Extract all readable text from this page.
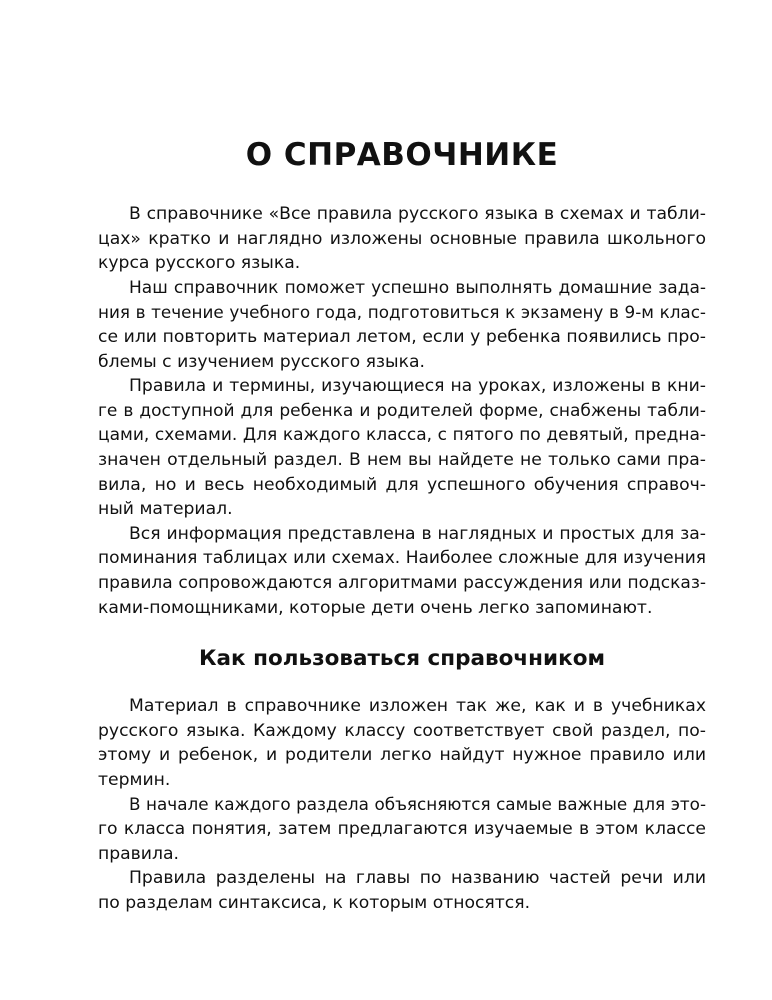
О СПРАВОЧНИКЕ
В справочнике «Все правила русского языка в схемах и табли-
цах» кратко и наглядно изложены основные правила школьного
курса русского языка.
Наш справочник поможет успешно выполнять домашние зада-
ния в течение учебного года, подготовиться к экзамену в 9-м клас-
се или повторить материал летом, если у ребенка появились про-
блемы с изучением русского языка.
Правила и термины, изучающиеся на уроках, изложены в кни-
ге в доступной для ребенка и родителей форме, снабжены табли-
цами, схемами. Для каждого класса, с пятого по девятый, предна-
значен отдельный раздел. В нем вы найдете не только сами пра-
вила, но и весь необходимый для успешного обучения справоч-
ный материал.
Вся информация представлена в наглядных и простых для за-
поминания таблицах или схемах. Наиболее сложные для изучения
правила сопровождаются алгоритмами рассуждения или подсказ-
ками-помощниками, которые дети очень легко запоминают.
Как пользоваться справочником
Материал в справочнике изложен так же, как и в учебниках
русского языка. Каждому классу соответствует свой раздел, по-
этому и ребенок, и родители легко найдут нужное правило или
термин.
В начале каждого раздела объясняются самые важные для это-
го класса понятия, затем предлагаются изучаемые в этом классе
правила.
Правила разделены на главы по названию частей речи или
по разделам синтаксиса, к которым относятся.
